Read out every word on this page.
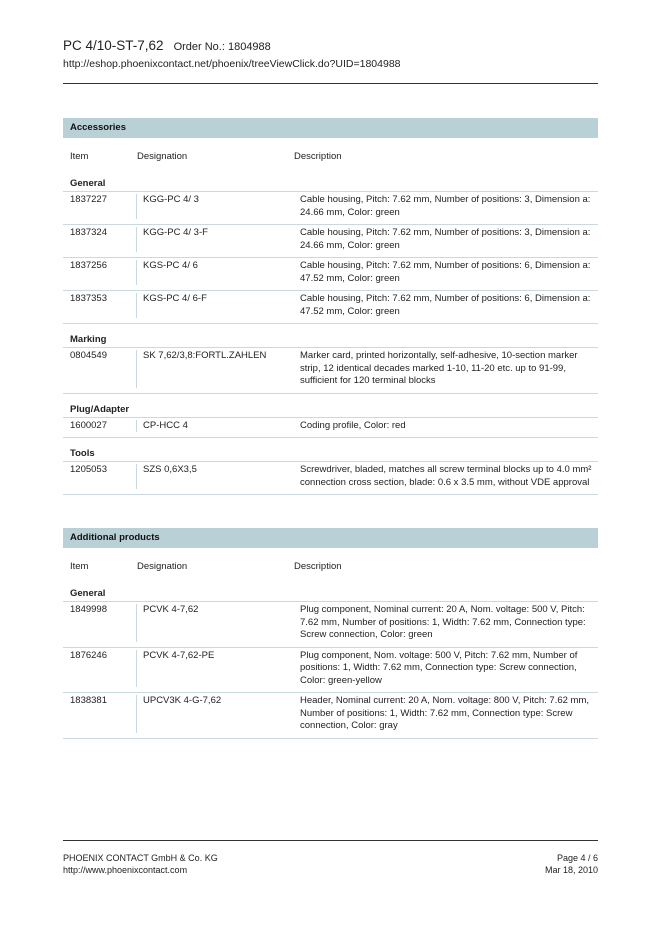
PC 4/10-ST-7,62 Order No.: 1804988
http://eshop.phoenixcontact.net/phoenix/treeViewClick.do?UID=1804988
Accessories
Item	Designation	Description
General
1837227	KGG-PC 4/ 3	Cable housing, Pitch: 7.62 mm, Number of positions: 3, Dimension a: 24.66 mm, Color: green
1837324	KGG-PC 4/ 3-F	Cable housing, Pitch: 7.62 mm, Number of positions: 3, Dimension a: 24.66 mm, Color: green
1837256	KGS-PC 4/ 6	Cable housing, Pitch: 7.62 mm, Number of positions: 6, Dimension a: 47.52 mm, Color: green
1837353	KGS-PC 4/ 6-F	Cable housing, Pitch: 7.62 mm, Number of positions: 6, Dimension a: 47.52 mm, Color: green
Marking
0804549	SK 7,62/3,8:FORTL.ZAHLEN	Marker card, printed horizontally, self-adhesive, 10-section marker strip, 12 identical decades marked 1-10, 11-20 etc. up to 91-99, sufficient for 120 terminal blocks
Plug/Adapter
1600027	CP-HCC 4	Coding profile, Color: red
Tools
1205053	SZS 0,6X3,5	Screwdriver, bladed, matches all screw terminal blocks up to 4.0 mm² connection cross section, blade: 0.6 x 3.5 mm, without VDE approval
Additional products
Item	Designation	Description
General
1849998	PCVK 4-7,62	Plug component, Nominal current: 20 A, Nom. voltage: 500 V, Pitch: 7.62 mm, Number of positions: 1, Width: 7.62 mm, Connection type: Screw connection, Color: green
1876246	PCVK 4-7,62-PE	Plug component, Nom. voltage: 500 V, Pitch: 7.62 mm, Number of positions: 1, Width: 7.62 mm, Connection type: Screw connection, Color: green-yellow
1838381	UPCV3K 4-G-7,62	Header, Nominal current: 20 A, Nom. voltage: 800 V, Pitch: 7.62 mm, Number of positions: 1, Width: 7.62 mm, Connection type: Screw connection, Color: gray
PHOENIX CONTACT GmbH & Co. KG
http://www.phoenixcontact.com
Page 4 / 6
Mar 18, 2010
